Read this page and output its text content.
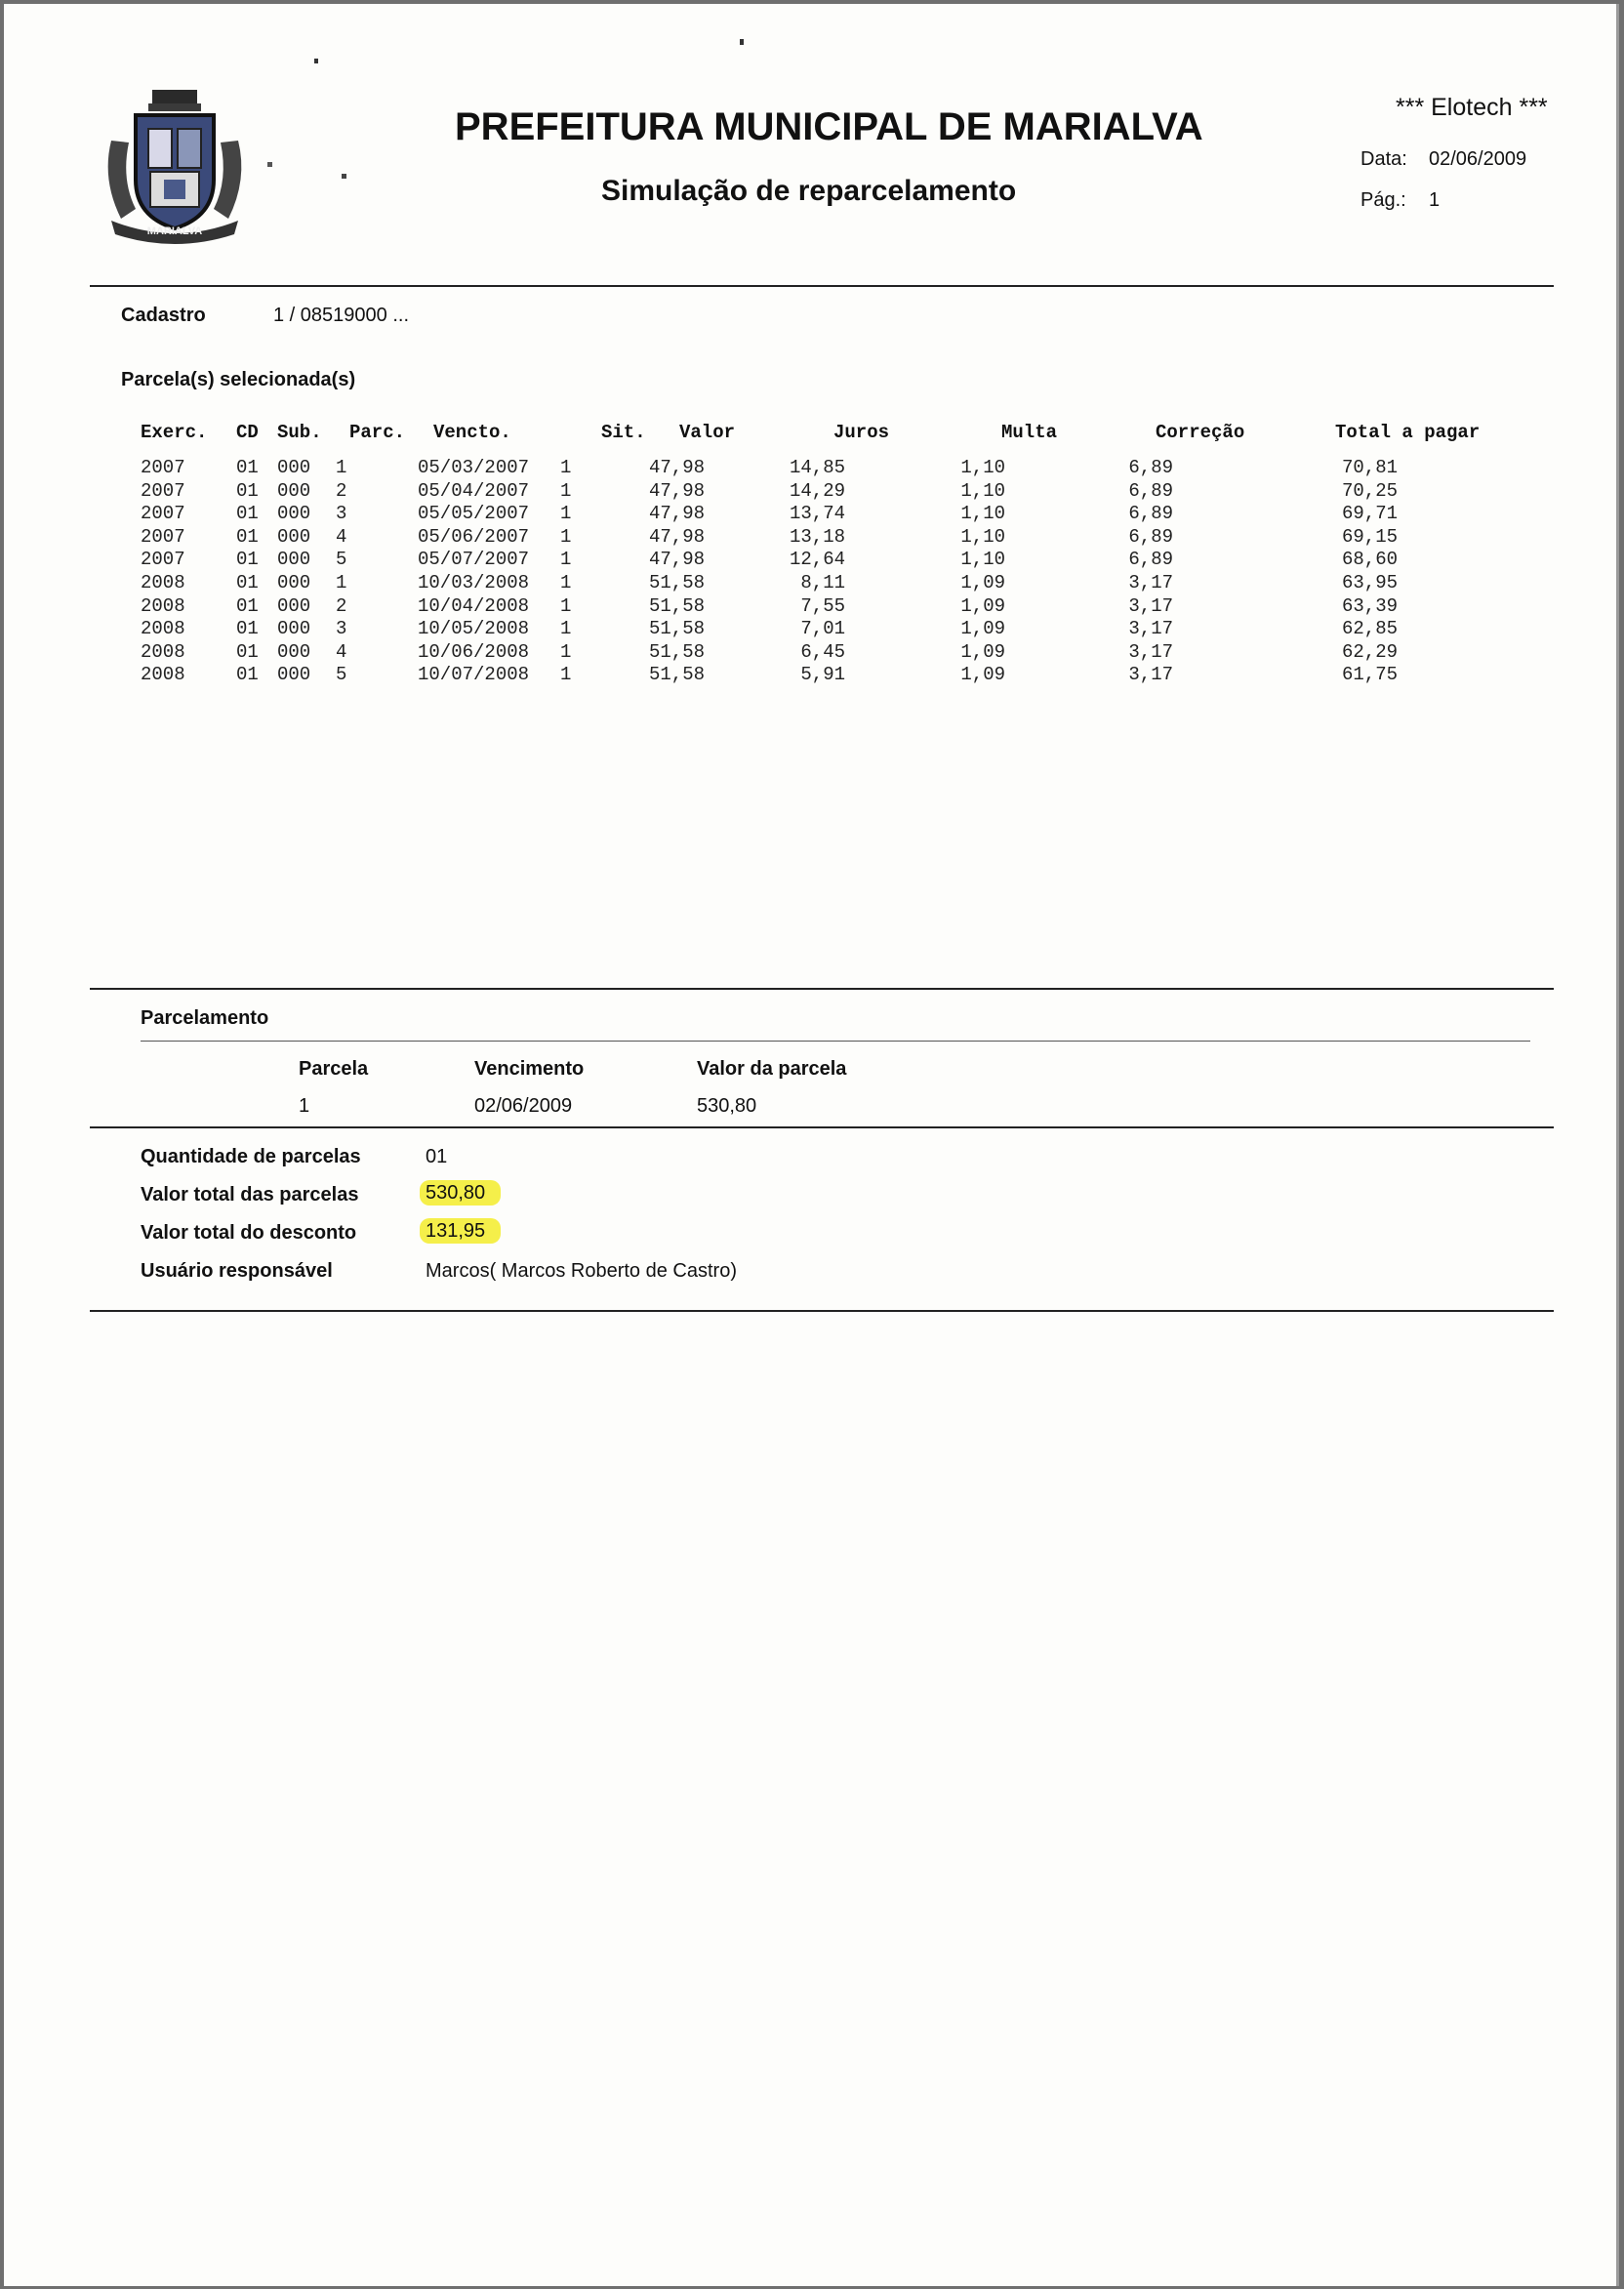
MARIALVA
PREFEITURA MUNICIPAL DE MARIALVA
Simulação de reparcelamento
*** Elotech ***
Data: 02/06/2009
Pág.: 1
Cadastro	1 / 08519000 ...
Parcela(s) selecionada(s)
Exerc. CD Sub. Parc. Vencto.	Sit. Valor	Juros	Multa	Correção	Total a pagar
2007	01 000 1	05/03/2007 1	47,98	14,85	1,10	6,89	70,81
2007	01 000 2	05/04/2007 1	47,98	14,29	1,10	6,89	70,25
2007	01 000 3	05/05/2007 1	47,98	13,74	1,10	6,89	69,71
2007	01 000 4	05/06/2007 1	47,98	13,18	1,10	6,89	69,15
2007	01 000 5	05/07/2007 1	47,98	12,64	1,10	6,89	68,60
2008	01 000 1	10/03/2008 1	51,58	8,11	1,09	3,17	63,95
2008	01 000 2	10/04/2008 1	51,58	7,55	1,09	3,17	63,39
2008	01 000 3	10/05/2008 1	51,58	7,01	1,09	3,17	62,85
2008	01 000 4	10/06/2008 1	51,58	6,45	1,09	3,17	62,29
2008	01 000 5	10/07/2008 1	51,58	5,91	1,09	3,17	61,75
Parcelamento
Parcela	Vencimento	Valor da parcela
1	02/06/2009	530,80
Quantidade de parcelas	01
Valor total das parcelas	530,80
Valor total do desconto	131,95
Usuário responsável	Marcos( Marcos Roberto de Castro)
